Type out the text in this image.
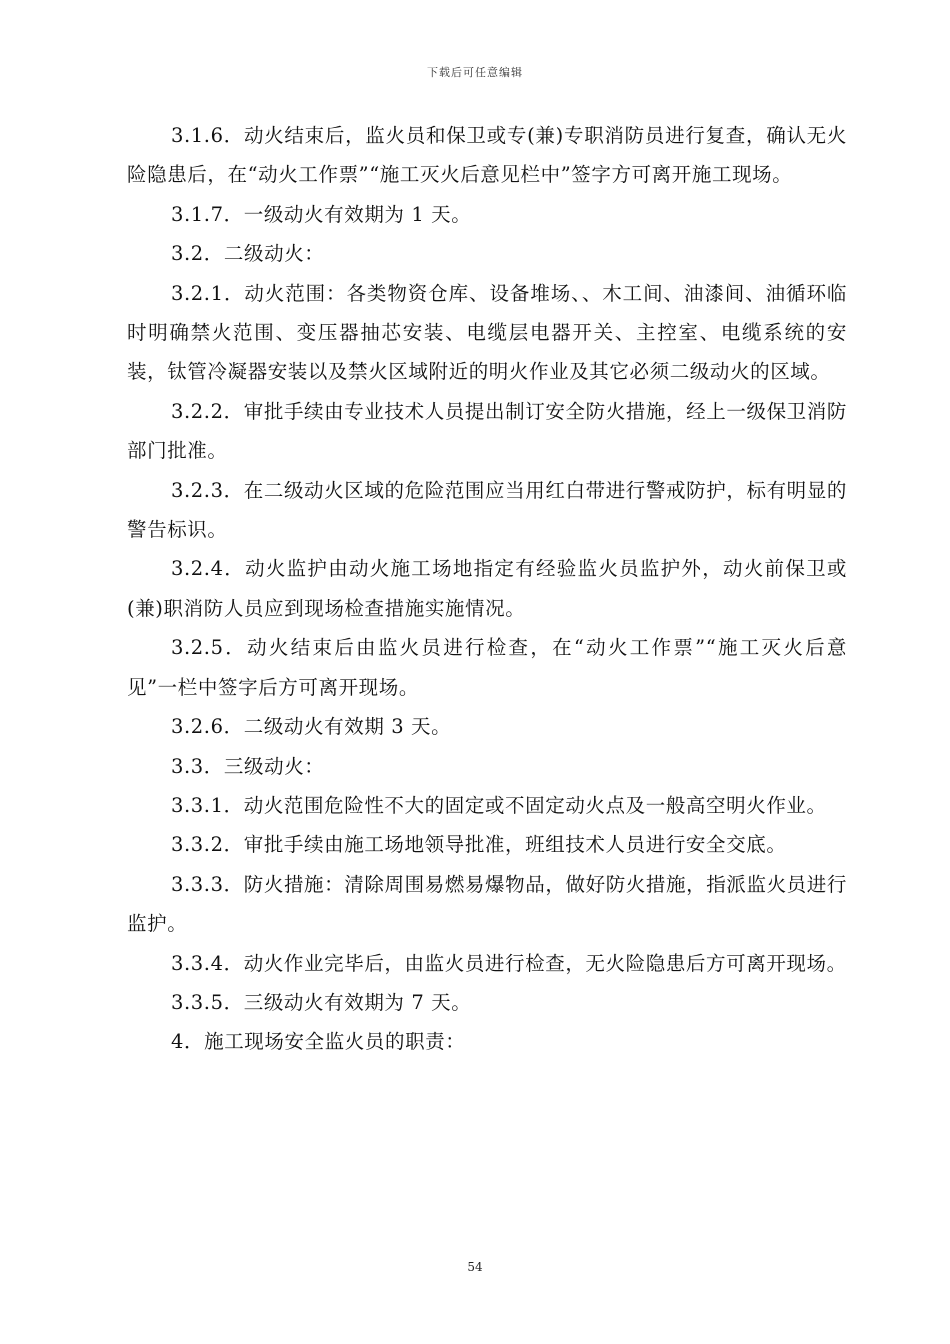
下载后可任意编辑

3.1.6．动火结束后，监火员和保卫或专(兼)专职消防员进行复查，确认无火险隐患后，在“动火工作票”“施工灭火后意见栏中”签字方可离开施工现场。

3.1.7．一级动火有效期为 1 天。

3.2．二级动火：

3.2.1．动火范围：各类物资仓库、设备堆场、、木工间、油漆间、油循环临时明确禁火范围、变压器抽芯安装、电缆层电器开关、主控室、电缆系统的安装，钛管冷凝器安装以及禁火区域附近的明火作业及其它必须二级动火的区域。

3.2.2．审批手续由专业技术人员提出制订安全防火措施，经上一级保卫消防部门批准。

3.2.3．在二级动火区域的危险范围应当用红白带进行警戒防护，标有明显的警告标识。

3.2.4．动火监护由动火施工场地指定有经验监火员监护外，动火前保卫或(兼)职消防人员应到现场检查措施实施情况。

3.2.5．动火结束后由监火员进行检查，在“动火工作票”“施工灭火后意见”一栏中签字后方可离开现场。

3.2.6．二级动火有效期 3 天。

3.3．三级动火：

3.3.1．动火范围危险性不大的固定或不固定动火点及一般高空明火作业。

3.3.2．审批手续由施工场地领导批准，班组技术人员进行安全交底。

3.3.3．防火措施：清除周围易燃易爆物品，做好防火措施，指派监火员进行监护。

3.3.4．动火作业完毕后，由监火员进行检查，无火险隐患后方可离开现场。

3.3.5．三级动火有效期为 7 天。

4．施工现场安全监火员的职责：

54
